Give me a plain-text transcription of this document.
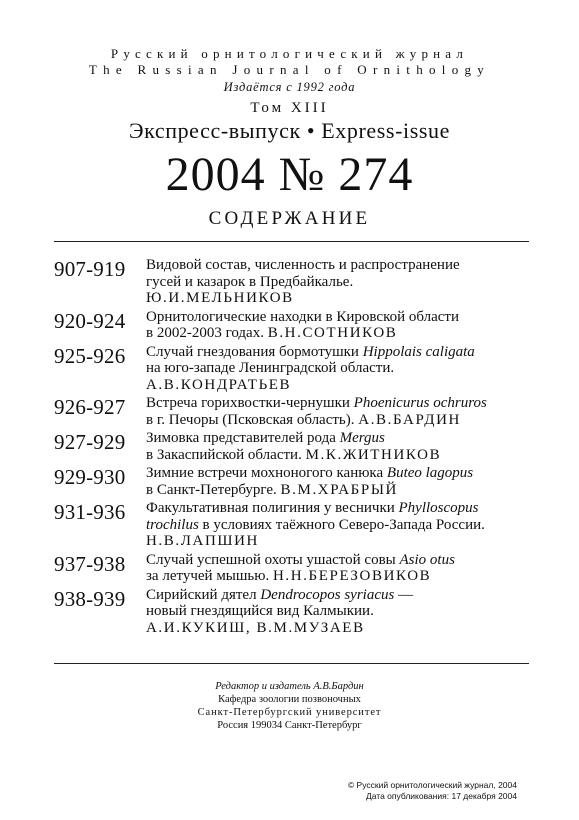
Русский орнитологический журнал
The Russian Journal of Ornithology
Издаётся с 1992 года
Том XIII
Экспресс-выпуск • Express-issue
2004 № 274
СОДЕРЖАНИЕ
907-919	Видовой состав, численность и распространение
гусей и казарок в Предбайкалье.
Ю.И.МЕЛЬНИКОВ
920-924	Орнитологические находки в Кировской области
в 2002-2003 годах. В.Н.СОТНИКОВ
925-926	Случай гнездования бормотушки Hippolais caligata
на юго-западе Ленинградской области.
А.В.КОНДРАТЬЕВ
926-927	Встреча горихвостки-чернушки Phoenicurus ochruros
в г. Печоры (Псковская область). А.В.БАРДИН
927-929	Зимовка представителей рода Mergus
в Закаспийской области. М.К.ЖИТНИКОВ
929-930	Зимние встречи мохноногого канюка Buteo lagopus
в Санкт-Петербурге. В.М.ХРАБРЫЙ
931-936	Факультативная полигиния у веснички Phylloscopus
trochilus в условиях таёжного Северо-Запада России.
Н.В.ЛАПШИН
937-938	Случай успешной охоты ушастой совы Asio otus
за летучей мышью. Н.Н.БЕРЕЗОВИКОВ
938-939	Сирийский дятел Dendrocopos syriacus —
новый гнездящийся вид Калмыкии.
А.И.КУКИШ, В.М.МУЗАЕВ
Редактор и издатель А.В.Бардин
Кафедра зоологии позвоночных
Санкт-Петербургский университет
Россия 199034 Санкт-Петербург
© Русский орнитологический журнал, 2004
Дата опубликования: 17 декабря 2004
